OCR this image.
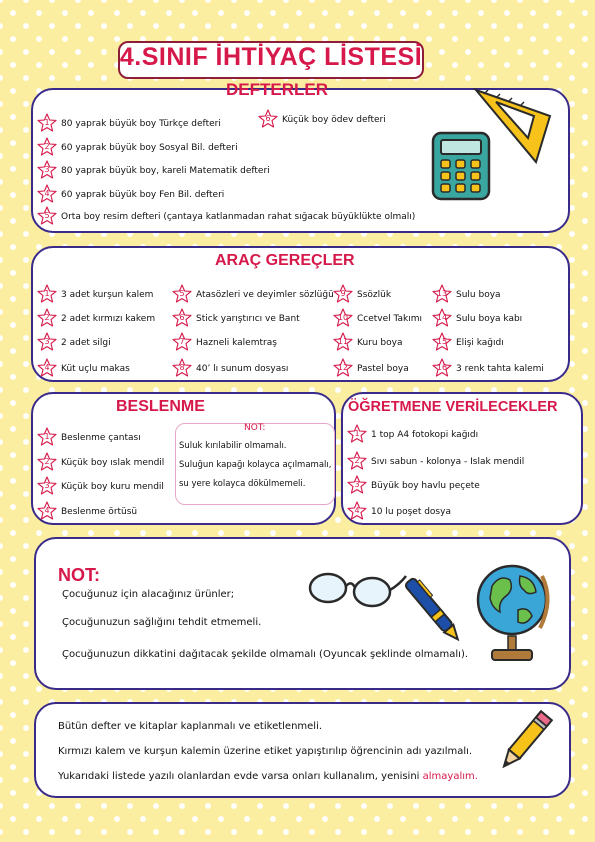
4.SINIF İHTİYAÇ LİSTESİ
DEFTERLER
1	80 yaprak büyük boy Türkçe defteri
2	60 yaprak büyük boy Sosyal Bil. defteri
3	80 yaprak büyük boy, kareli Matematik defteri
4	60 yaprak büyük boy Fen Bil. defteri
5	Orta boy resim defteri (çantaya katlanmadan rahat sığacak büyüklükte olmalı)
6	Küçük boy ödev defteri
ARAÇ GEREÇLER
1	3 adet kurşun kalem
2	2 adet kırmızı kakem
3	2 adet silgi
4	Küt uçlu makas
5	Atasözleri ve deyimler sözlüğü
6	Stick yarıştırıcı ve Bant
7	Hazneli kalemtraş
8	40’ lı sunum dosyası
9	Ssözlük
10 Ccetvel Takımı
11 Kuru boya
12 Pastel boya
13 Sulu boya
14 Sulu boya kabı
15 Elişi kağıdı
16 3 renk tahta kalemi
BESLENME
1	Beslenme çantası
2	Küçük boy ıslak mendil
3	Küçük boy kuru mendil
4	Beslenme örtüsü
NOT:
Suluk kırılabilir olmamalı.
Suluğun kapağı kolayca açılmamalı,
su yere kolayca dökülmemeli.
ÖĞRETMENE VERİLECEKLER
1	1 top A4 fotokopi kağıdı
2	Sıvı sabun - kolonya - Islak mendil
3	Büyük boy havlu peçete
4	10 lu poşet dosya
NOT:
Çocuğunuz için alacağınız ürünler;
Çocuğunuzun sağlığını tehdit etmemeli.
Çocuğunuzun dikkatini dağıtacak şekilde olmamalı (Oyuncak şeklinde olmamalı).
Bütün defter ve kitaplar kaplanmalı ve etiketlenmeli.
Kırmızı kalem ve kurşun kalemin üzerine etiket yapıştırılıp öğrencinin adı yazılmalı.
Yukarıdaki listede yazılı olanlardan evde varsa onları kullanalım, yenisini almayalım.
